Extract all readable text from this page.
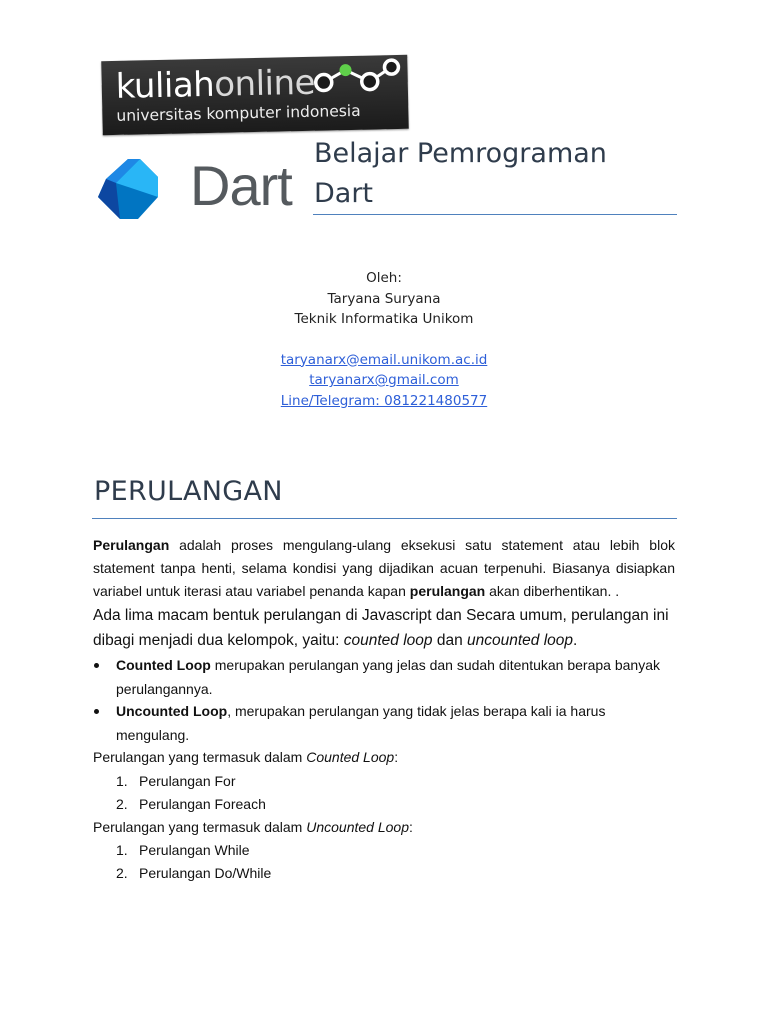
kuliahonline
universitas komputer indonesia
Dart
Belajar Pemrograman
Dart
Oleh:
Taryana Suryana
Teknik Informatika Unikom
taryanarx@email.unikom.ac.id
taryanarx@gmail.com
Line/Telegram: 081221480577
PERULANGAN

Perulangan adalah proses mengulang-ulang eksekusi satu statement atau lebih blok statement tanpa henti, selama kondisi yang dijadikan acuan terpenuhi. Biasanya disiapkan variabel untuk iterasi atau variabel penanda kapan perulangan akan diberhentikan. .

Ada lima macam bentuk perulangan di Javascript dan Secara umum, perulangan ini dibagi menjadi dua kelompok, yaitu: counted loop dan uncounted loop.

Counted Loop merupakan perulangan yang jelas dan sudah ditentukan berapa banyak perulangannya.

Uncounted Loop, merupakan perulangan yang tidak jelas berapa kali ia harus mengulang.

Perulangan yang termasuk dalam Counted Loop:

1. Perulangan For

2. Perulangan Foreach

Perulangan yang termasuk dalam Uncounted Loop:

1. Perulangan While

2. Perulangan Do/While
